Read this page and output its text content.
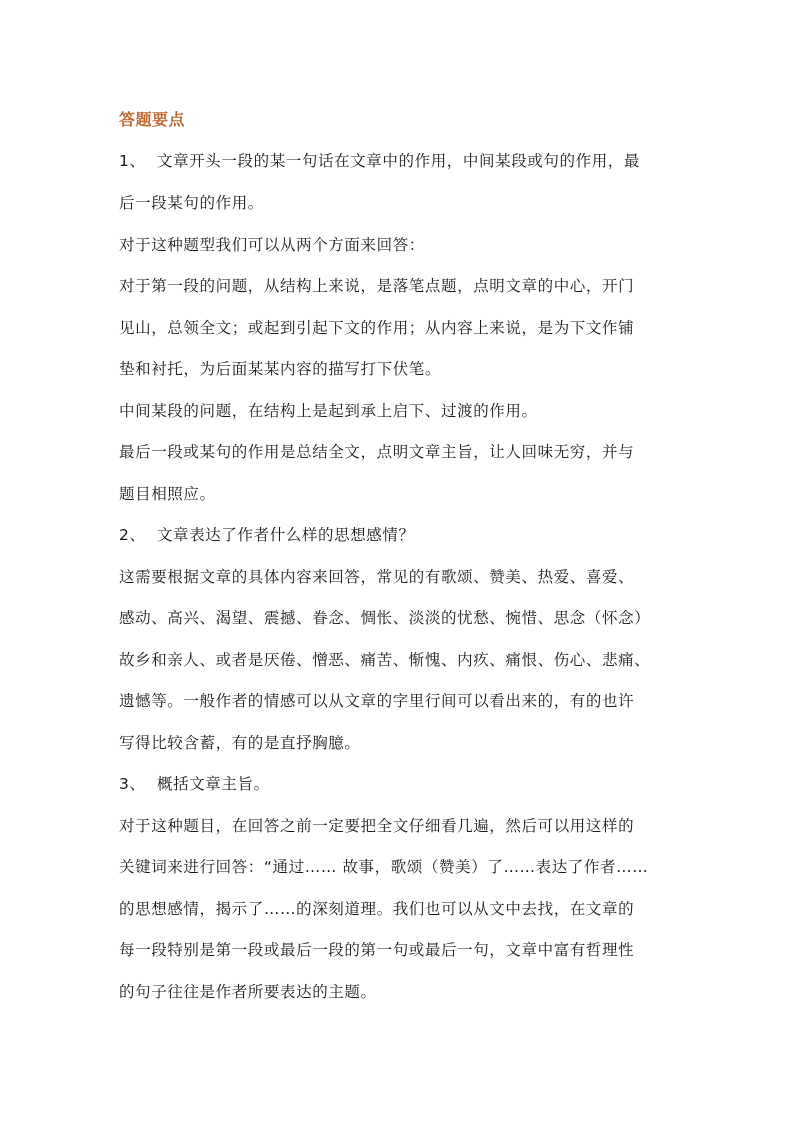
答题要点
1、 文章开头一段的某一句话在文章中的作用，中间某段或句的作用，最
后一段某句的作用。
对于这种题型我们可以从两个方面来回答：
对于第一段的问题，从结构上来说，是落笔点题，点明文章的中心，开门
见山，总领全文；或起到引起下文的作用；从内容上来说，是为下文作铺
垫和衬托，为后面某某内容的描写打下伏笔。
中间某段的问题，在结构上是起到承上启下、过渡的作用。
最后一段或某句的作用是总结全文，点明文章主旨，让人回味无穷，并与
题目相照应。
2、 文章表达了作者什么样的思想感情？
这需要根据文章的具体内容来回答，常见的有歌颂、赞美、热爱、喜爱、
感动、高兴、渴望、震撼、眷念、惆怅、淡淡的忧愁、惋惜、思念（怀念）
故乡和亲人、或者是厌倦、憎恶、痛苦、惭愧、内疚、痛恨、伤心、悲痛、
遗憾等。一般作者的情感可以从文章的字里行间可以看出来的，有的也许
写得比较含蓄，有的是直抒胸臆。
3、 概括文章主旨。
对于这种题目，在回答之前一定要把全文仔细看几遍，然后可以用这样的
关键词来进行回答：“通过…… 故事，歌颂（赞美）了……表达了作者……
的思想感情，揭示了……的深刻道理。我们也可以从文中去找，在文章的
每一段特别是第一段或最后一段的第一句或最后一句，文章中富有哲理性
的句子往往是作者所要表达的主题。
